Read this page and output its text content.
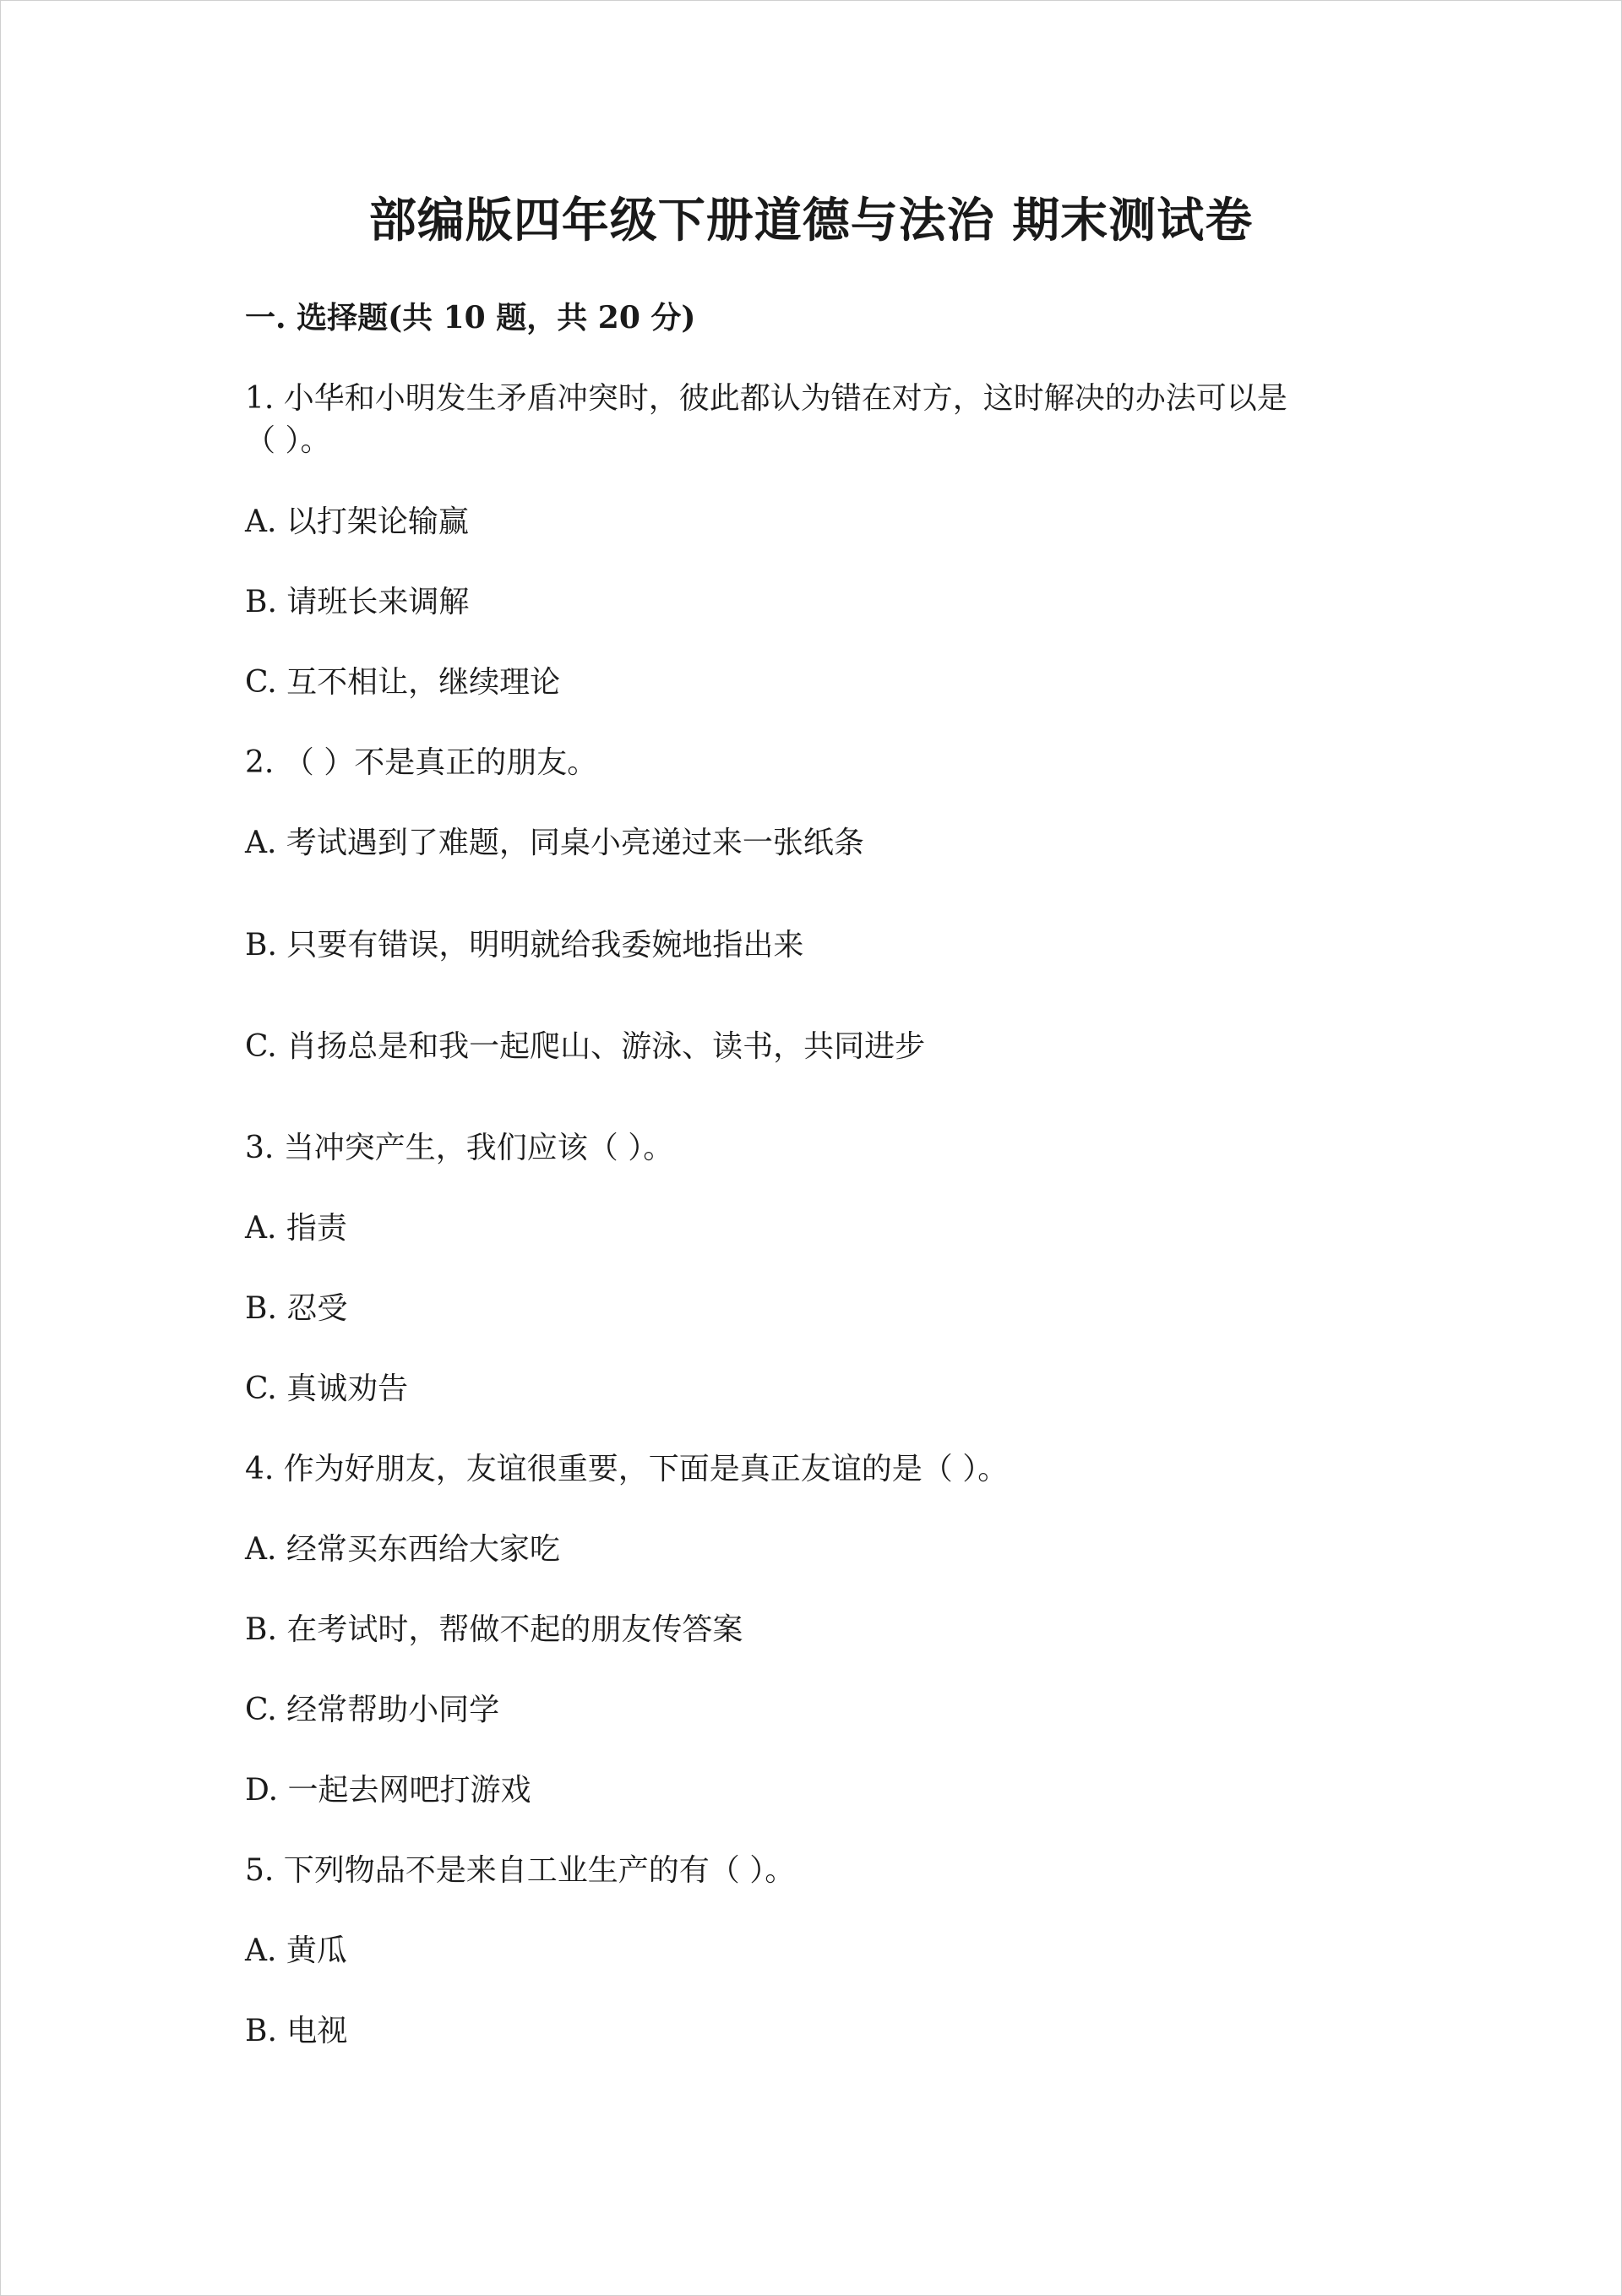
部编版四年级下册道德与法治 期末测试卷
一. 选择题(共 10 题，共 20 分)

1. 小华和小明发生矛盾冲突时，彼此都认为错在对方，这时解决的办法可以是

（ ）。

A. 以打架论输赢

B. 请班长来调解

C. 互不相让，继续理论

2. （ ）不是真正的朋友。

A. 考试遇到了难题，同桌小亮递过来一张纸条

B. 只要有错误，明明就给我委婉地指出来

C. 肖扬总是和我一起爬山、游泳、读书，共同进步

3. 当冲突产生，我们应该（ ）。

A. 指责

B. 忍受

C. 真诚劝告

4. 作为好朋友，友谊很重要，下面是真正友谊的是（ ）。

A. 经常买东西给大家吃

B. 在考试时，帮做不起的朋友传答案

C. 经常帮助小同学

D. 一起去网吧打游戏

5. 下列物品不是来自工业生产的有（ ）。

A. 黄瓜

B. 电视
